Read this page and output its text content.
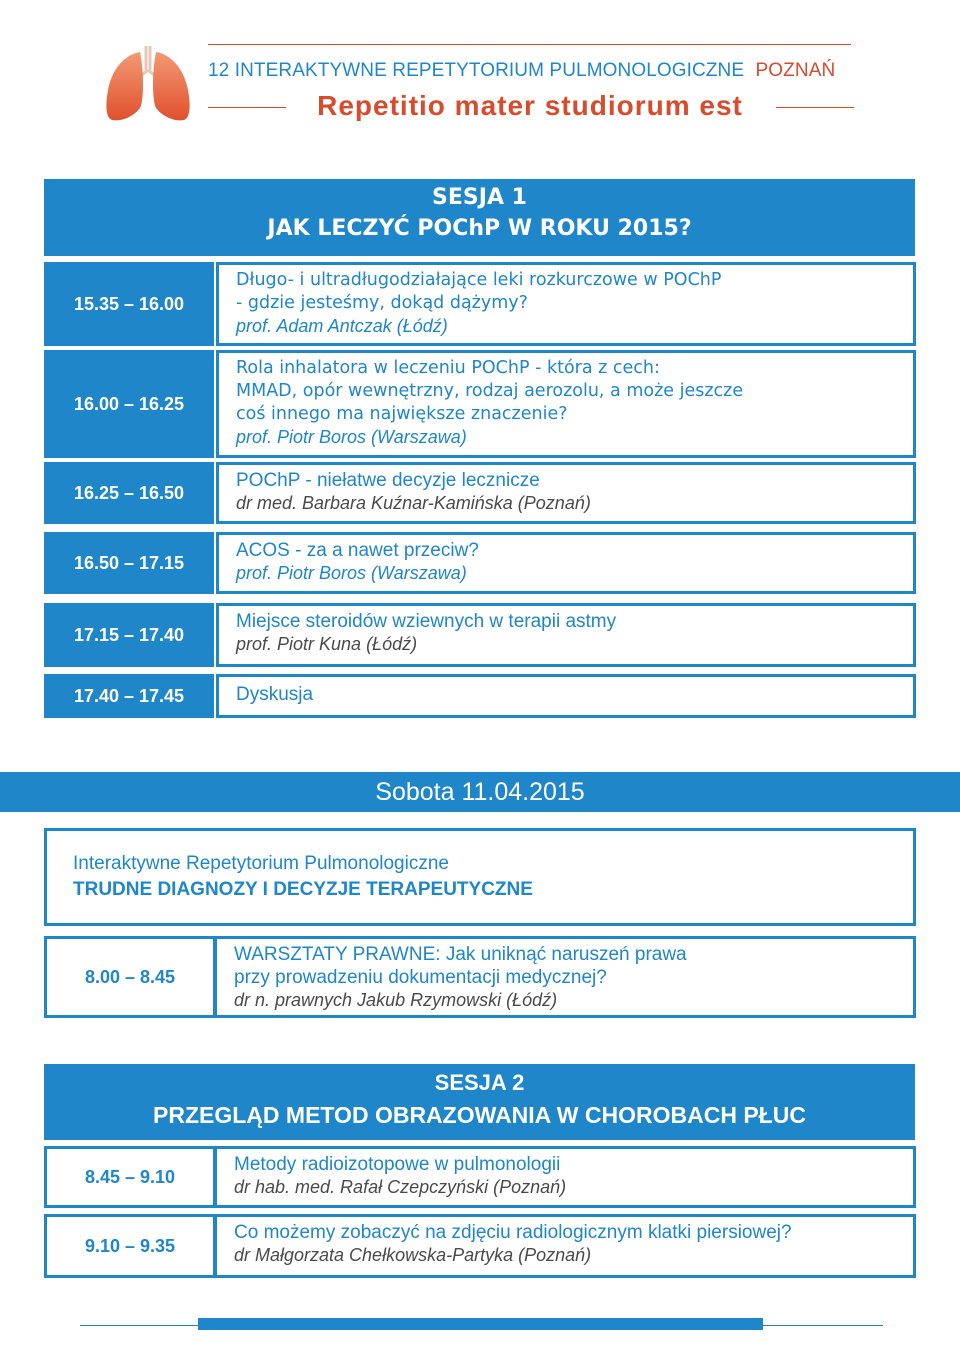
12 INTERAKTYWNE REPETYTORIUM PULMONOLOGICZNE POZNAŃ
Repetitio mater studiorum est
SESJA 1
JAK LECZYĆ POChP W ROKU 2015?
15.35 – 16.00
Długo- i ultradługodziałające leki rozkurczowe w POChP
- gdzie jesteśmy, dokąd dążymy?
prof. Adam Antczak (Łódź)
16.00 – 16.25
Rola inhalatora w leczeniu POChP - która z cech:
MMAD, opór wewnętrzny, rodzaj aerozolu, a może jeszcze
coś innego ma największe znaczenie?
prof. Piotr Boros (Warszawa)
16.25 – 16.50
POChP - niełatwe decyzje lecznicze
dr med. Barbara Kuźnar-Kamińska (Poznań)
16.50 – 17.15
ACOS - za a nawet przeciw?
prof. Piotr Boros (Warszawa)
17.15 – 17.40
Miejsce steroidów wziewnych w terapii astmy
prof. Piotr Kuna (Łódź)
17.40 – 17.45	Dyskusja
Sobota 11.04.2015
Interaktywne Repetytorium Pulmonologiczne
TRUDNE DIAGNOZY I DECYZJE TERAPEUTYCZNE
8.00 – 8.45
WARSZTATY PRAWNE: Jak uniknąć naruszeń prawa
przy prowadzeniu dokumentacji medycznej?
dr n. prawnych Jakub Rzymowski (Łódź)
SESJA 2
PRZEGLĄD METOD OBRAZOWANIA W CHOROBACH PŁUC
8.45 – 9.10
Metody radioizotopowe w pulmonologii
dr hab. med. Rafał Czepczyński (Poznań)
9.10 – 9.35
Co możemy zobaczyć na zdjęciu radiologicznym klatki piersiowej?
dr Małgorzata Chełkowska-Partyka (Poznań)
